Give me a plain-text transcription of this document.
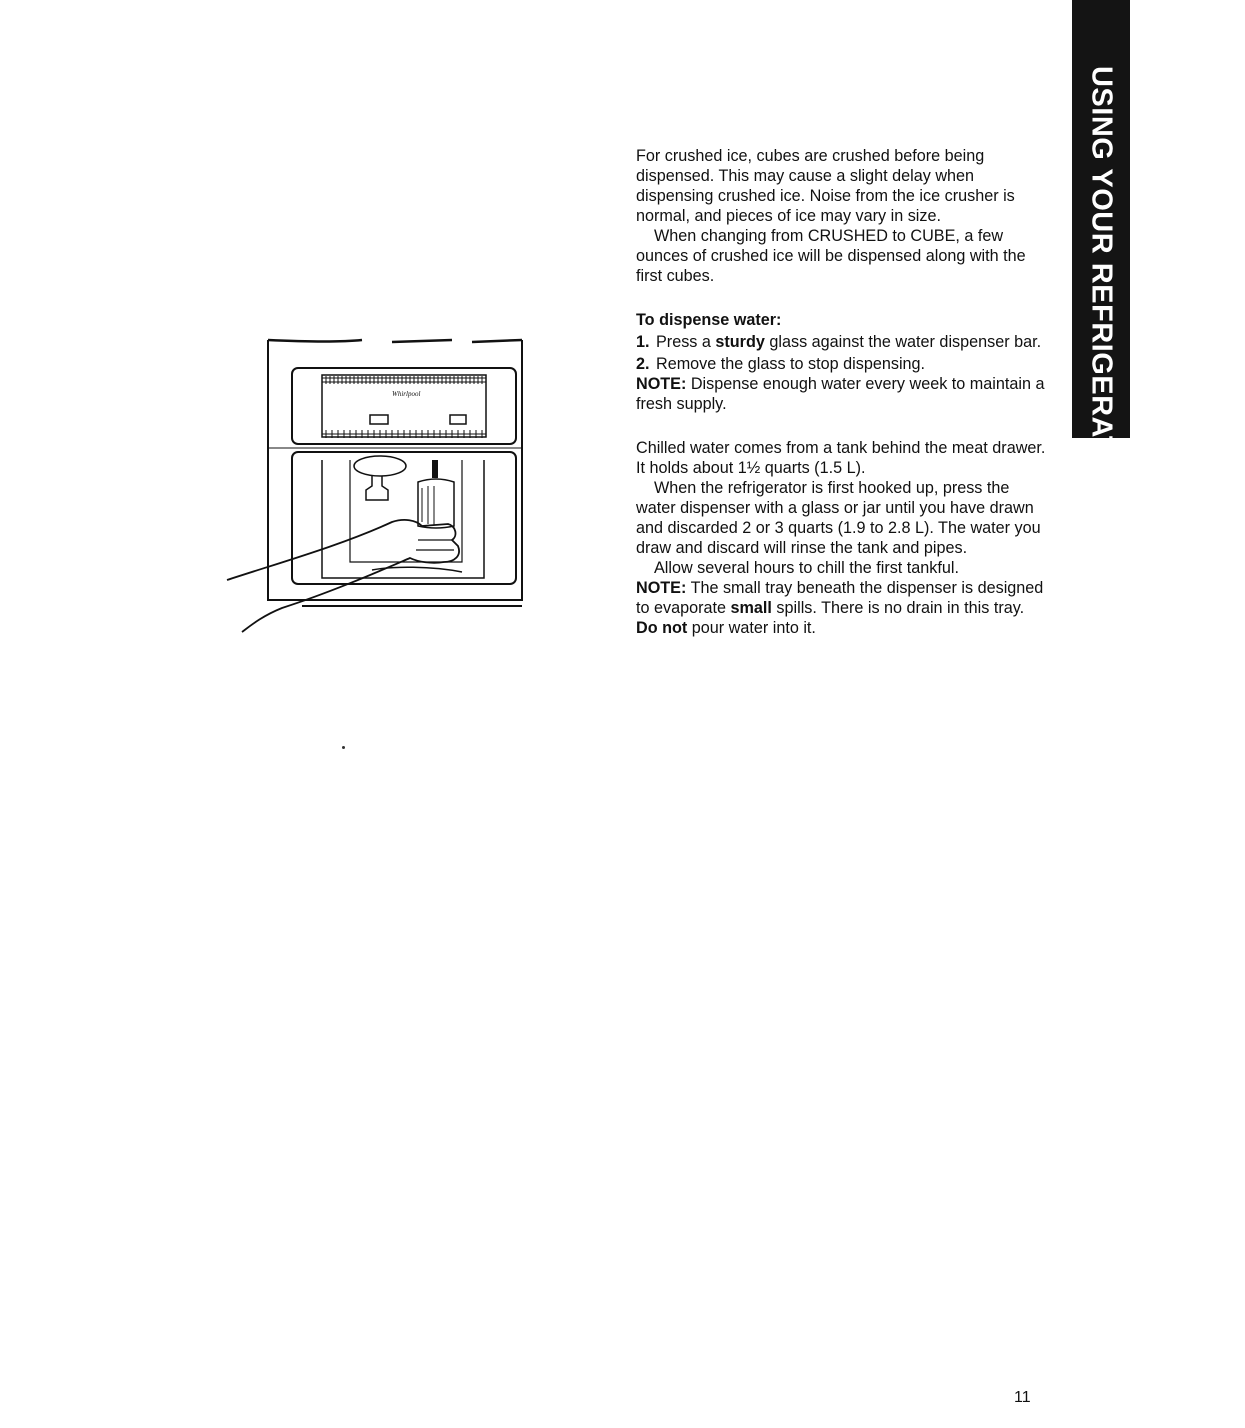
USING YOUR REFRIGERATOR
Whirlpool

For crushed ice, cubes are crushed before being dispensed. This may cause a slight delay when dispensing crushed ice. Noise from the ice crusher is normal, and pieces of ice may vary in size.

When changing from CRUSHED to CUBE, a few ounces of crushed ice will be dispensed along with the first cubes.

To dispense water:

1. Press a sturdy glass against the water dispenser bar.
2. Remove the glass to stop dispensing.

NOTE: Dispense enough water every week to maintain a fresh supply.

Chilled water comes from a tank behind the meat drawer. It holds about 1½ quarts (1.5 L).

When the refrigerator is first hooked up, press the water dispenser with a glass or jar until you have drawn and discarded 2 or 3 quarts (1.9 to 2.8 L). The water you draw and discard will rinse the tank and pipes.

Allow several hours to chill the first tankful.

NOTE: The small tray beneath the dispenser is designed to evaporate small spills. There is no drain in this tray. Do not pour water into it.

11
